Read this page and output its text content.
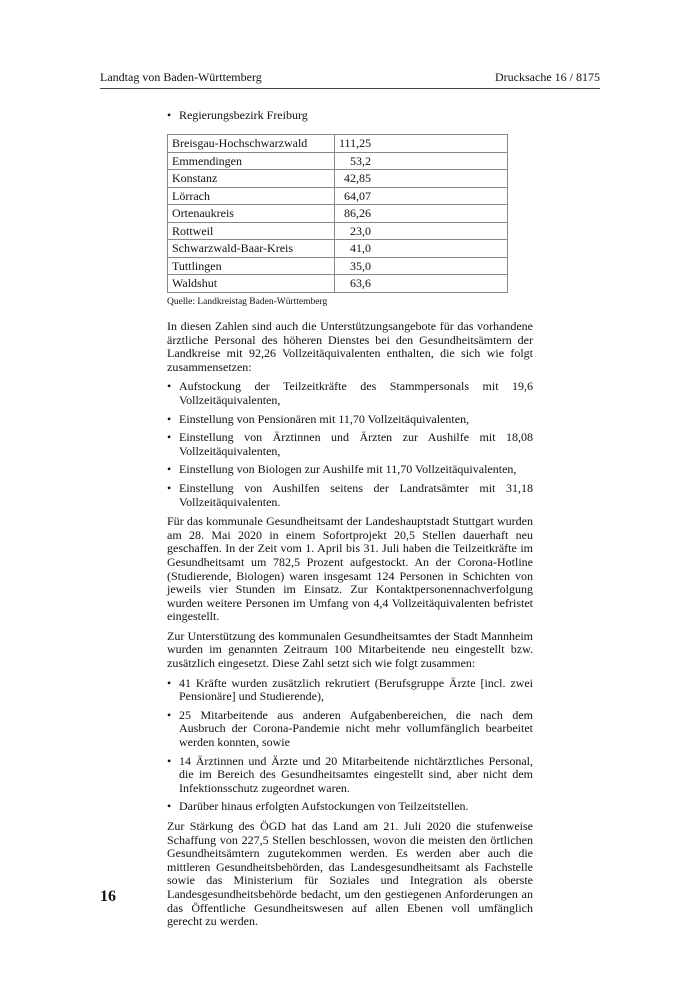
Landtag von Baden-Württemberg	Drucksache 16 / 8175
• Regierungsbezirk Freiburg
Breisgau-Hochschwarzwald	111,25
Emmendingen	53,2
Konstanz	42,85
Lörrach	64,07
Ortenaukreis	86,26
Rottweil	23,0
Schwarzwald-Baar-Kreis	41,0
Tuttlingen	35,0
Waldshut	63,6
Quelle: Landkreistag Baden-Württemberg

In diesen Zahlen sind auch die Unterstützungsangebote für das vorhandene ärztliche Personal des höheren Dienstes bei den Gesundheitsämtern der Landkreise mit 92,26 Vollzeitäquivalenten enthalten, die sich wie folgt zusammensetzen:

• Aufstockung der Teilzeitkräfte des Stammpersonals mit 19,6 Vollzeitäquivalenten,
• Einstellung von Pensionären mit 11,70 Vollzeitäquivalenten,
• Einstellung von Ärztinnen und Ärzten zur Aushilfe mit 18,08 Vollzeitäquivalenten,
• Einstellung von Biologen zur Aushilfe mit 11,70 Vollzeitäquivalenten,
• Einstellung von Aushilfen seitens der Landratsämter mit 31,18 Vollzeitäquivalenten.

Für das kommunale Gesundheitsamt der Landeshauptstadt Stuttgart wurden am 28. Mai 2020 in einem Sofortprojekt 20,5 Stellen dauerhaft neu geschaffen. In der Zeit vom 1. April bis 31. Juli haben die Teilzeitkräfte im Gesundheitsamt um 782,5 Prozent aufgestockt. An der Corona-Hotline (Studierende, Biologen) waren insgesamt 124 Personen in Schichten von jeweils vier Stunden im Einsatz. Zur Kontaktpersonennachverfolgung wurden weitere Personen im Umfang von 4,4 Vollzeitäquivalenten befristet eingestellt.

Zur Unterstützung des kommunalen Gesundheitsamtes der Stadt Mannheim wurden im genannten Zeitraum 100 Mitarbeitende neu eingestellt bzw. zusätzlich eingesetzt. Diese Zahl setzt sich wie folgt zusammen:

• 41 Kräfte wurden zusätzlich rekrutiert (Berufsgruppe Ärzte [incl. zwei Pensionäre] und Studierende),
• 25 Mitarbeitende aus anderen Aufgabenbereichen, die nach dem Ausbruch der Corona-Pandemie nicht mehr vollumfänglich bearbeitet werden konnten, sowie
• 14 Ärztinnen und Ärzte und 20 Mitarbeitende nichtärztliches Personal, die im Bereich des Gesundheitsamtes eingestellt sind, aber nicht dem Infektionsschutz zugeordnet waren.
• Darüber hinaus erfolgten Aufstockungen von Teilzeitstellen.

Zur Stärkung des ÖGD hat das Land am 21. Juli 2020 die stufenweise Schaffung von 227,5 Stellen beschlossen, wovon die meisten den örtlichen Gesundheitsämtern zugutekommen werden. Es werden aber auch die mittleren Gesundheitsbehörden, das Landesgesundheitsamt als Fachstelle sowie das Ministerium für Soziales und Integration als oberste Landesgesundheitsbehörde bedacht, um den gestiegenen Anforderungen an das Öffentliche Gesundheitswesen auf allen Ebenen voll umfänglich gerecht zu werden.

16
